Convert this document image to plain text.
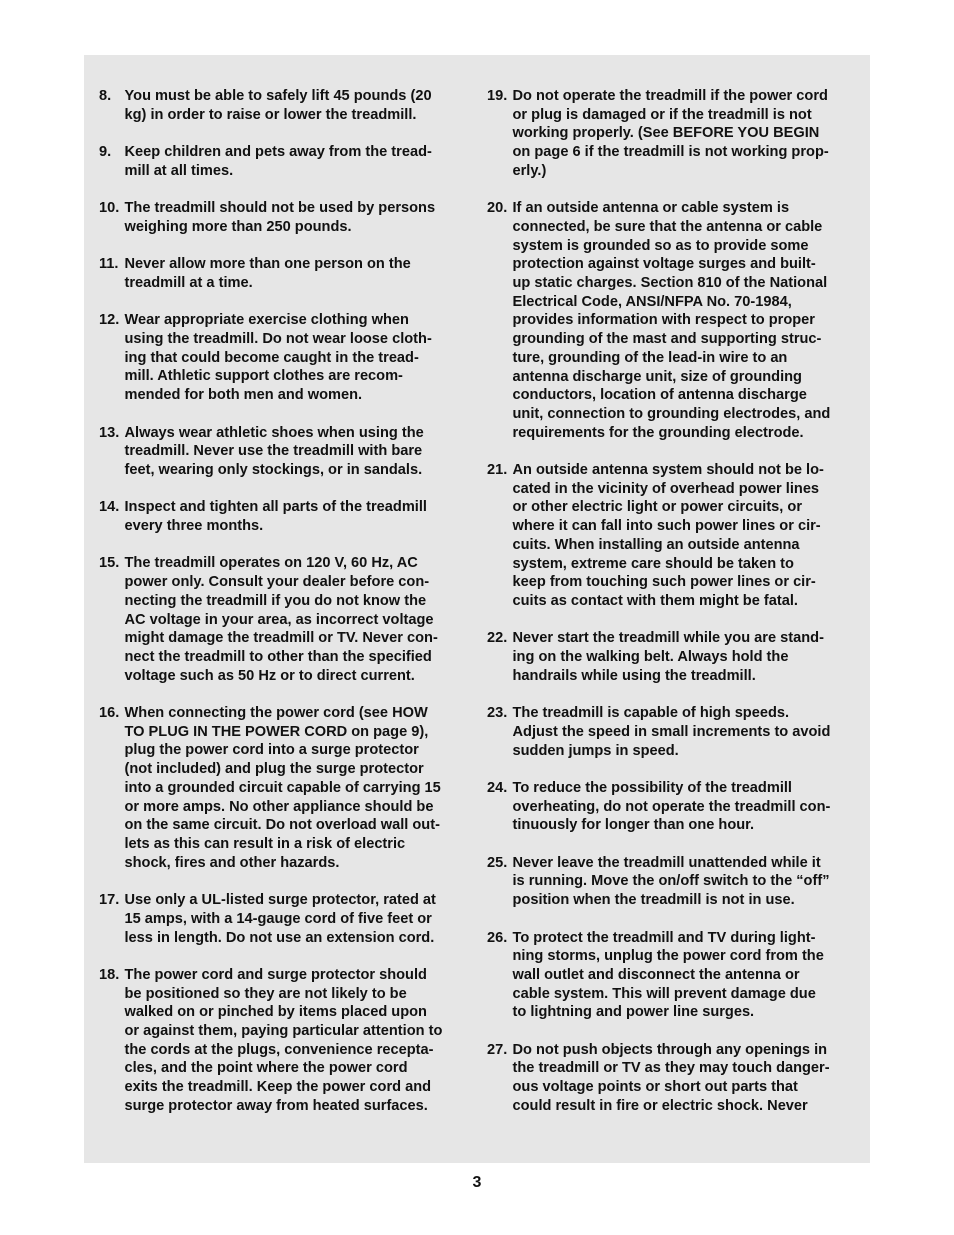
8. You must be able to safely lift 45 pounds (20
kg) in order to raise or lower the treadmill.
9. Keep children and pets away from the tread-
mill at all times.
10. The treadmill should not be used by persons
weighing more than 250 pounds.
11. Never allow more than one person on the
treadmill at a time.
12. Wear appropriate exercise clothing when
using the treadmill. Do not wear loose cloth-
ing that could become caught in the tread-
mill. Athletic support clothes are recom-
mended for both men and women.
13. Always wear athletic shoes when using the
treadmill. Never use the treadmill with bare
feet, wearing only stockings, or in sandals.
14. Inspect and tighten all parts of the treadmill
every three months.
15. The treadmill operates on 120 V, 60 Hz, AC
power only. Consult your dealer before con-
necting the treadmill if you do not know the
AC voltage in your area, as incorrect voltage
might damage the treadmill or TV. Never con-
nect the treadmill to other than the specified
voltage such as 50 Hz or to direct current.
16. When connecting the power cord (see HOW
TO PLUG IN THE POWER CORD on page 9),
plug the power cord into a surge protector
(not included) and plug the surge protector
into a grounded circuit capable of carrying 15
or more amps. No other appliance should be
on the same circuit. Do not overload wall out-
lets as this can result in a risk of electric
shock, fires and other hazards.
17. Use only a UL-listed surge protector, rated at
15 amps, with a 14-gauge cord of five feet or
less in length. Do not use an extension cord.
18. The power cord and surge protector should
be positioned so they are not likely to be
walked on or pinched by items placed upon
or against them, paying particular attention to
the cords at the plugs, convenience recepta-
cles, and the point where the power cord
exits the treadmill. Keep the power cord and
surge protector away from heated surfaces.
19. Do not operate the treadmill if the power cord
or plug is damaged or if the treadmill is not
working properly. (See BEFORE YOU BEGIN
on page 6 if the treadmill is not working prop-
erly.)
20. If an outside antenna or cable system is
connected, be sure that the antenna or cable
system is grounded so as to provide some
protection against voltage surges and built-
up static charges. Section 810 of the National
Electrical Code, ANSI/NFPA No. 70-1984,
provides information with respect to proper
grounding of the mast and supporting struc-
ture, grounding of the lead-in wire to an
antenna discharge unit, size of grounding
conductors, location of antenna discharge
unit, connection to grounding electrodes, and
requirements for the grounding electrode.
21. An outside antenna system should not be lo-
cated in the vicinity of overhead power lines
or other electric light or power circuits, or
where it can fall into such power lines or cir-
cuits. When installing an outside antenna
system, extreme care should be taken to
keep from touching such power lines or cir-
cuits as contact with them might be fatal.
22. Never start the treadmill while you are stand-
ing on the walking belt. Always hold the
handrails while using the treadmill.
23. The treadmill is capable of high speeds.
Adjust the speed in small increments to avoid
sudden jumps in speed.
24. To reduce the possibility of the treadmill
overheating, do not operate the treadmill con-
tinuously for longer than one hour.
25. Never leave the treadmill unattended while it
is running. Move the on/off switch to the “off”
position when the treadmill is not in use.
26. To protect the treadmill and TV during light-
ning storms, unplug the power cord from the
wall outlet and disconnect the antenna or
cable system. This will prevent damage due
to lightning and power line surges.
27. Do not push objects through any openings in
the treadmill or TV as they may touch danger-
ous voltage points or short out parts that
could result in fire or electric shock. Never
3
